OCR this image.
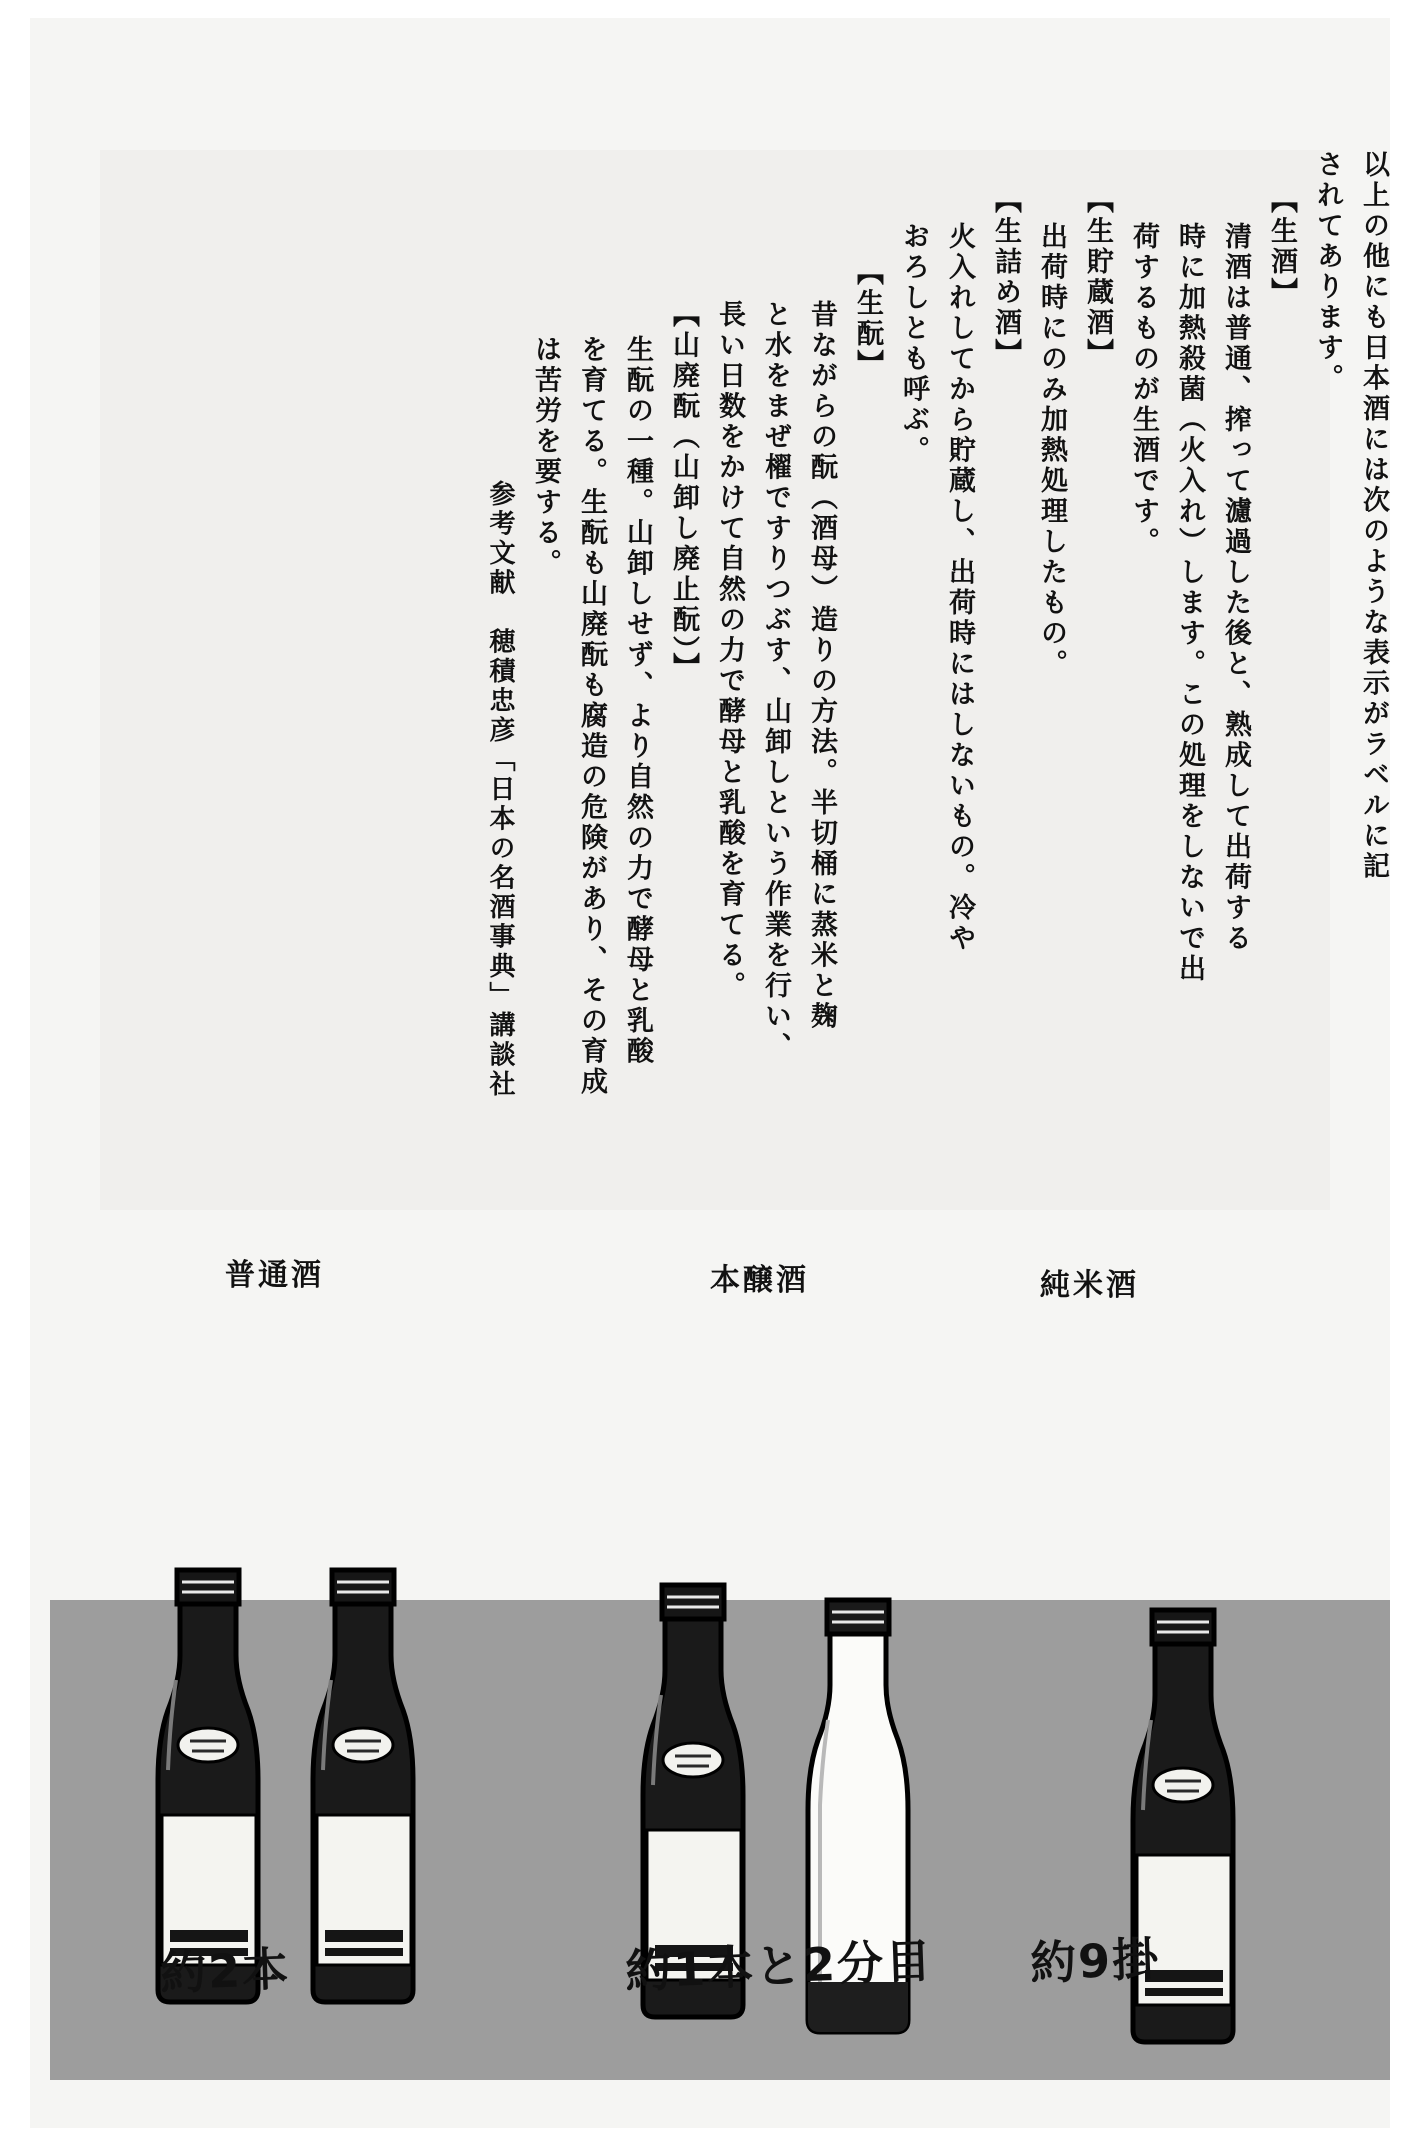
以上の他にも日本酒には次のような表示がラベルに記
されてあります。
【生酒】
清酒は普通、搾って濾過した後と、熟成して出荷する
時に加熱殺菌（火入れ）します。この処理をしないで出
荷するものが生酒です。
【生貯蔵酒】
出荷時にのみ加熱処理したもの。
【生詰め酒】
火入れしてから貯蔵し、出荷時にはしないもの。冷や
おろしとも呼ぶ。
【生酛】
昔ながらの酛（酒母）造りの方法。半切桶に蒸米と麹
と水をまぜ櫂ですりつぶす、山卸しという作業を行い、
長い日数をかけて自然の力で酵母と乳酸を育てる。
【山廃酛（山卸し廃止酛）】
生酛の一種。山卸しせず、より自然の力で酵母と乳酸
を育てる。生酛も山廃酛も腐造の危険があり、その育成
は苦労を要する。
参考文献　穂積忠彦「日本の名酒事典」講談社
普通酒	本醸酒	純米酒
約2本	約1本と2分目 約9掛
